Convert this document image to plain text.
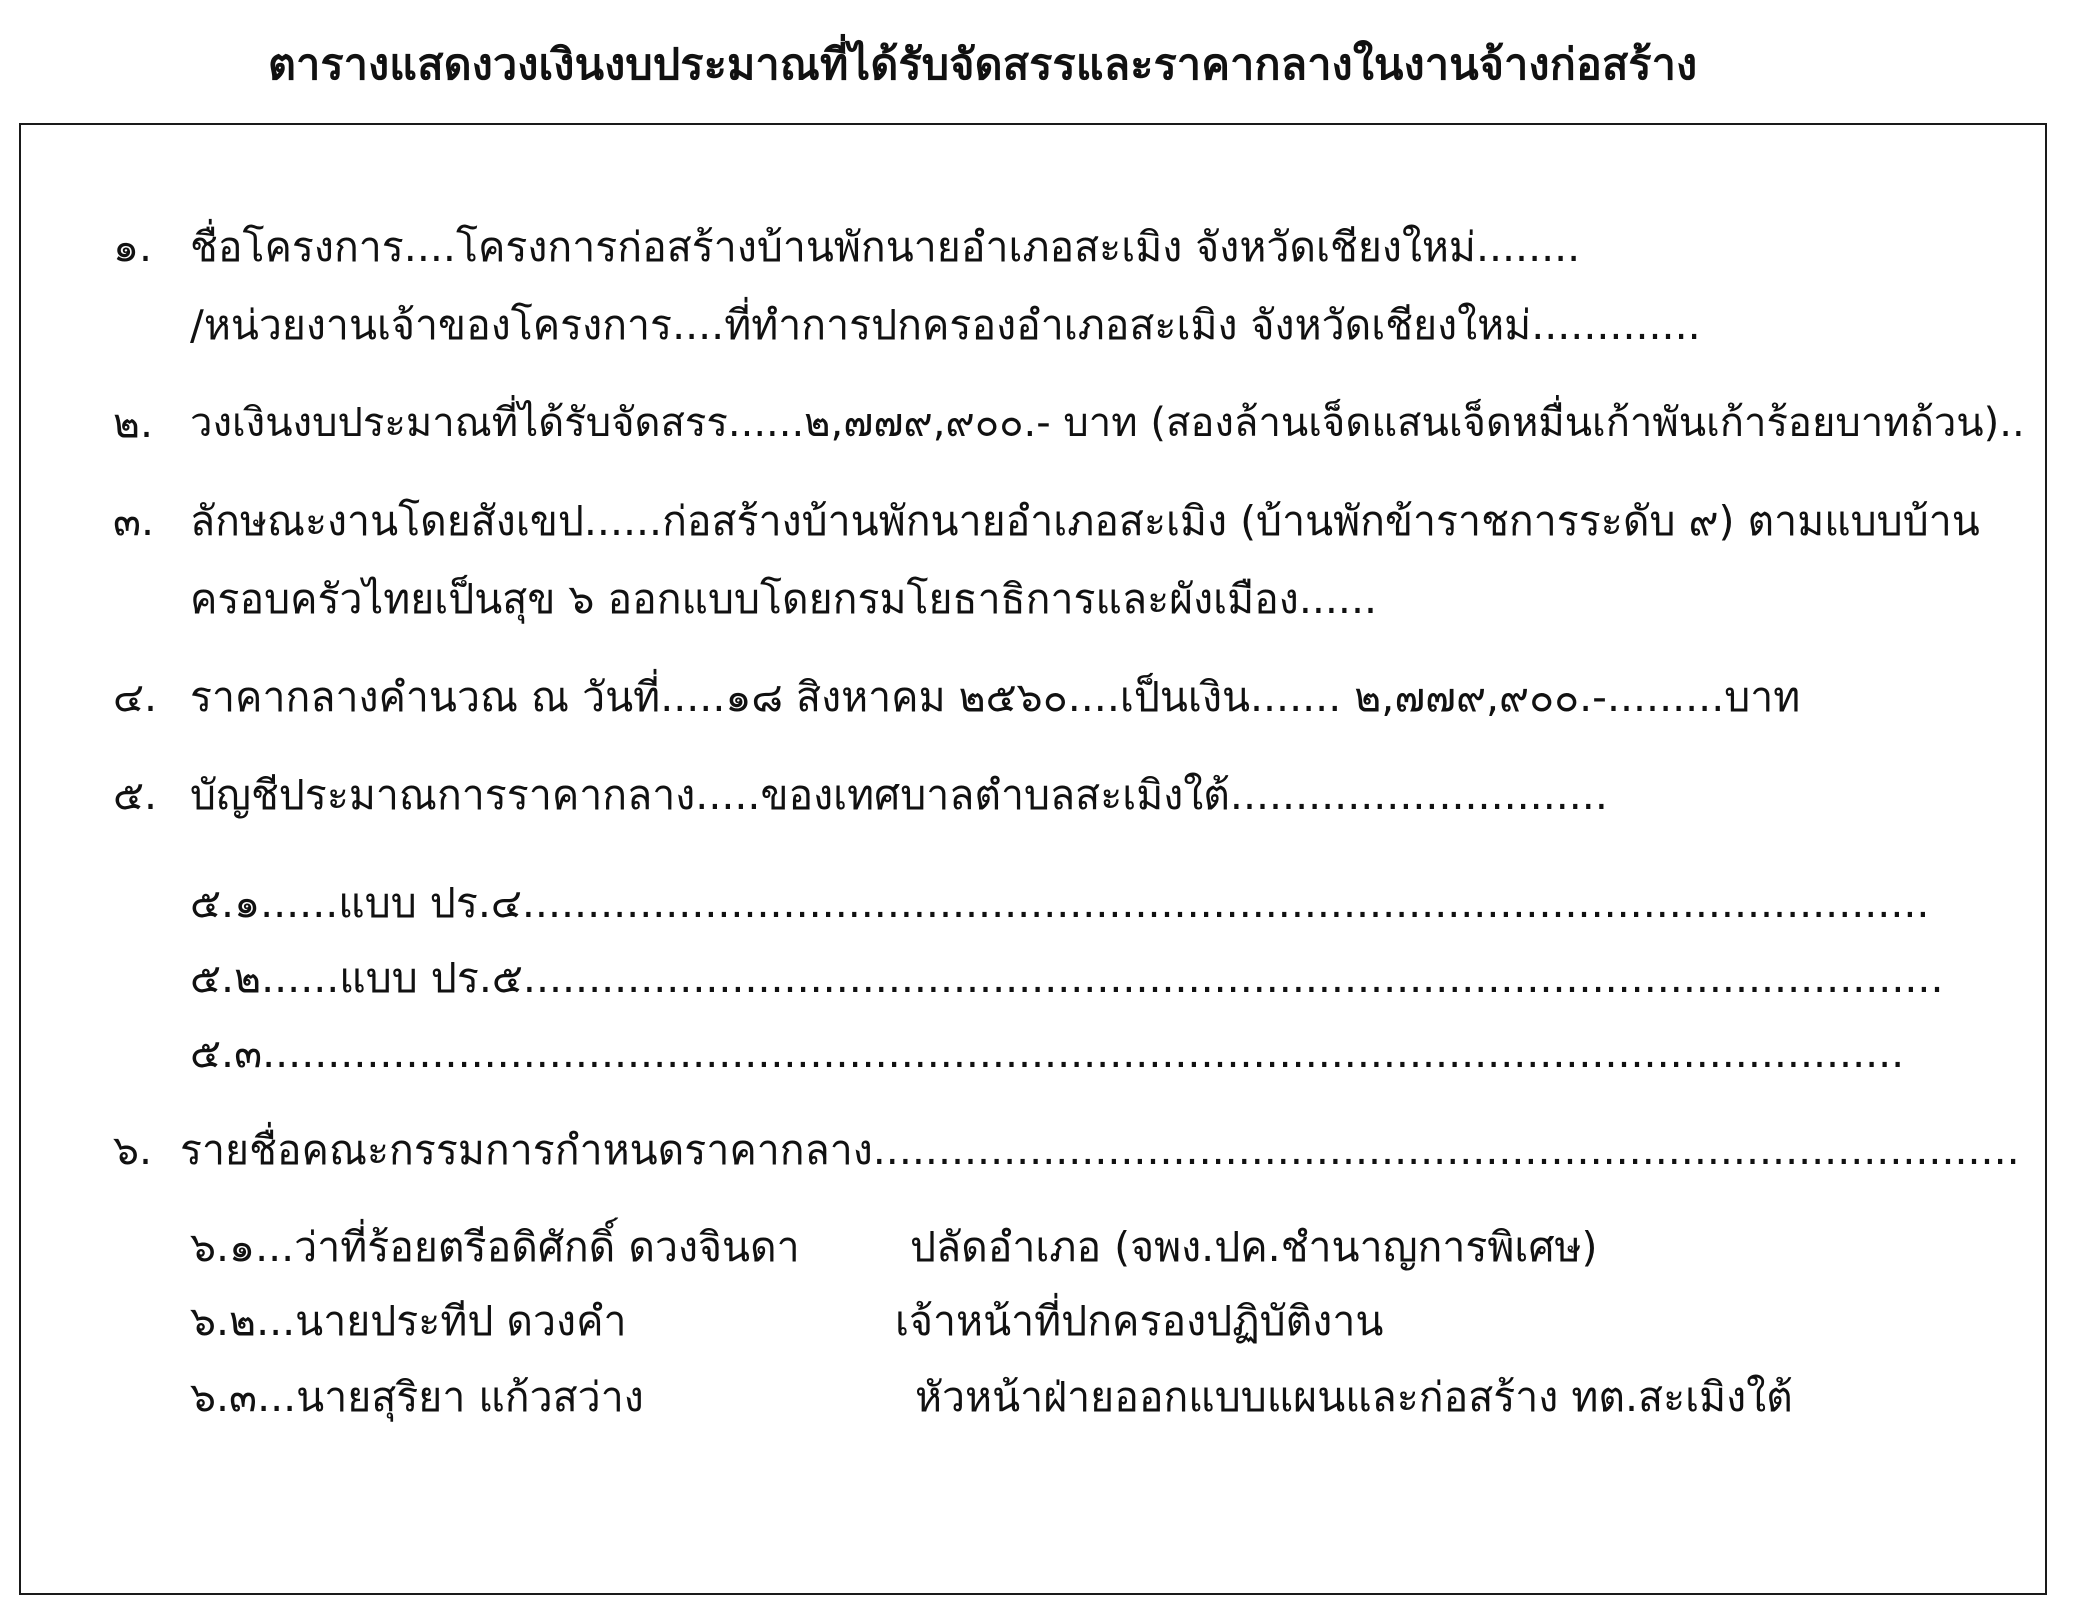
ตารางแสดงวงเงินงบประมาณที่ได้รับจัดสรรและราคากลางในงานจ้างก่อสร้าง
๑. ชื่อโครงการ....โครงการก่อสร้างบ้านพักนายอำเภอสะเมิง จังหวัดเชียงใหม่........
/หน่วยงานเจ้าของโครงการ....ที่ทำการปกครองอำเภอสะเมิง จังหวัดเชียงใหม่.............
๒. วงเงินงบประมาณที่ได้รับจัดสรร......๒,๗๗๙,๙๐๐.- บาท (สองล้านเจ็ดแสนเจ็ดหมื่นเก้าพันเก้าร้อยบาทถ้วน)..
๓. ลักษณะงานโดยสังเขป......ก่อสร้างบ้านพักนายอำเภอสะเมิง (บ้านพักข้าราชการระดับ ๙) ตามแบบบ้าน
ครอบครัวไทยเป็นสุข ๖ ออกแบบโดยกรมโยธาธิการและผังเมือง......
๔. ราคากลางคำนวณ ณ วันที่.....๑๘ สิงหาคม ๒๕๖๐....เป็นเงิน....... ๒,๗๗๙,๙๐๐.-.........บาท
๕. บัญชีประมาณการราคากลาง.....ของเทศบาลตำบลสะเมิงใต้.............................
๕.๑......แบบ ปร.๔............................................................................................................
๕.๒......แบบ ปร.๕.............................................................................................................
๕.๓..............................................................................................................................
๖. รายชื่อคณะกรรมการกำหนดราคากลาง........................................................................................
๖.๑...ว่าที่ร้อยตรีอดิศักดิ์ ดวงจินดา	ปลัดอำเภอ (จพง.ปค.ชำนาญการพิเศษ)
๖.๒...นายประทีป ดวงคำ	เจ้าหน้าที่ปกครองปฏิบัติงาน
๖.๓...นายสุริยา แก้วสว่าง	หัวหน้าฝ่ายออกแบบแผนและก่อสร้าง ทต.สะเมิงใต้
